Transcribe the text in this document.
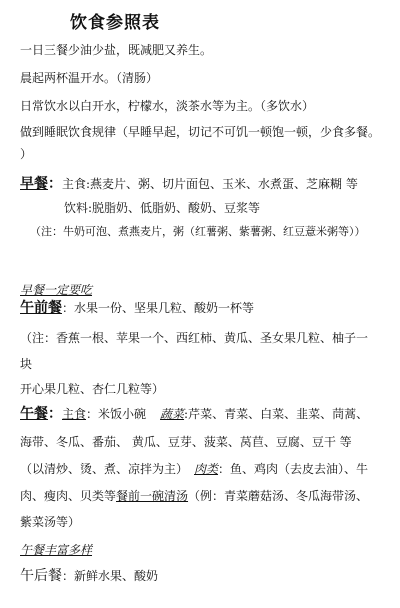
饮食参照表
一日三餐少油少盐，既减肥又养生。
晨起两杯温开水。（清肠）
日常饮水以白开水，柠檬水，淡茶水等为主。（多饮水）
做到睡眠饮食规律（早睡早起，切记不可饥一顿饱一顿，少食多餐。
）
早餐：主食:燕麦片、粥、切片面包、玉米、水煮蛋、芝麻糊 等
饮料:脱脂奶、低脂奶、酸奶、豆浆等
（注：牛奶可泡、煮燕麦片，粥（红薯粥、紫薯粥、红豆薏米粥等））
早餐一定要吃
午前餐：水果一份、坚果几粒、酸奶一杯等
（注：香蕉一根、苹果一个、西红柿、黄瓜、圣女果几粒、柚子一
块
开心果几粒、杏仁几粒等）
午餐：主食：米饭小碗 蔬菜:芹菜、青菜、白菜、韭菜、茼蒿、
海带、冬瓜、番茄、 黄瓜、豆芽、菠菜、莴苣、豆腐、豆干 等
（以清炒、烫、煮、凉拌为主） 肉类：鱼、鸡肉（去皮去油）、牛
肉、瘦肉、贝类等餐前一碗清汤（例：青菜蘑菇汤、冬瓜海带汤、
紫菜汤等）
午餐丰富多样
午后餐：新鲜水果、酸奶
